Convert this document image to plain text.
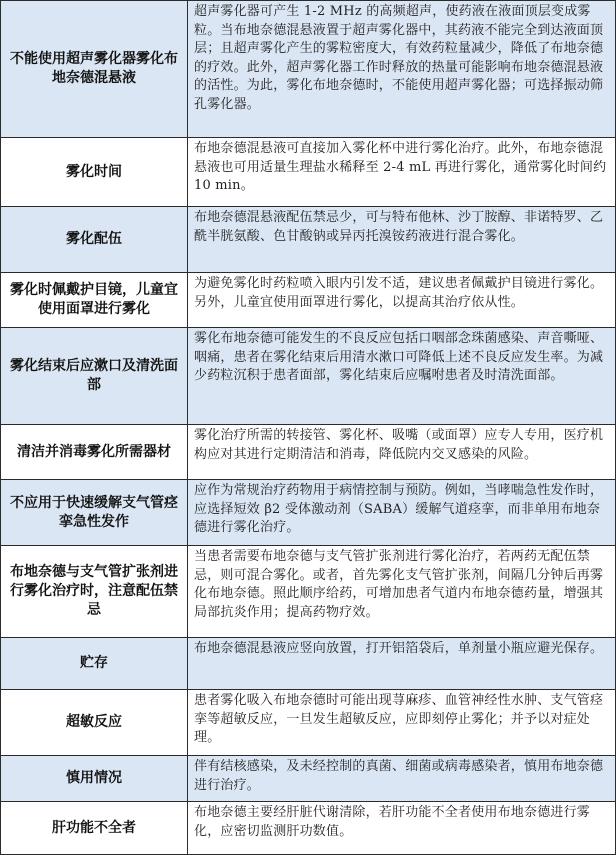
不能使用超声雾化器雾化布地奈德混悬液
超声雾化器可产生 1-2 MHz 的高频超声，使药液在液面顶层变成雾粒。当布地奈德混悬液置于超声雾化器中，其药液不能完全到达液面顶层；且超声雾化产生的雾粒密度大，有效药粒量减少，降低了布地奈德的疗效。此外，超声雾化器工作时释放的热量可能影响布地奈德混悬液的活性。为此，雾化布地奈德时，不能使用超声雾化器；可选择振动筛孔雾化器。
雾化时间
布地奈德混悬液可直接加入雾化杯中进行雾化治疗。此外，布地奈德混悬液也可用适量生理盐水稀释至 2-4 mL 再进行雾化，通常雾化时间约 10 min。
雾化配伍
布地奈德混悬液配伍禁忌少，可与特布他林、沙丁胺醇、非诺特罗、乙酰半胱氨酸、色甘酸钠或异丙托溴铵药液进行混合雾化。
雾化时佩戴护目镜，儿童宜使用面罩进行雾化
为避免雾化时药粒喷入眼内引发不适，建议患者佩戴护目镜进行雾化。另外，儿童宜使用面罩进行雾化，以提高其治疗依从性。
雾化结束后应漱口及清洗面部
雾化布地奈德可能发生的不良反应包括口咽部念珠菌感染、声音嘶哑、咽痛，患者在雾化结束后用清水漱口可降低上述不良反应发生率。为减少药粒沉积于患者面部，雾化结束后应嘱咐患者及时清洗面部。
清洁并消毒雾化所需器材
雾化治疗所需的转接管、雾化杯、吸嘴（或面罩）应专人专用，医疗机构应对其进行定期清洁和消毒，降低院内交叉感染的风险。
不应用于快速缓解支气管痉挛急性发作
应作为常规治疗药物用于病情控制与预防。例如，当哮喘急性发作时，应选择短效 β2 受体激动剂（SABA）缓解气道痉挛，而非单用布地奈德进行雾化治疗。
布地奈德与支气管扩张剂进行雾化治疗时，注意配伍禁忌
当患者需要布地奈德与支气管扩张剂进行雾化治疗，若两药无配伍禁忌，则可混合雾化。或者，首先雾化支气管扩张剂，间隔几分钟后再雾化布地奈德。照此顺序给药，可增加患者气道内布地奈德药量，增强其局部抗炎作用；提高药物疗效。
贮存
布地奈德混悬液应竖向放置，打开铝箔袋后，单剂量小瓶应避光保存。
超敏反应
患者雾化吸入布地奈德时可能出现荨麻疹、血管神经性水肿、支气管痉挛等超敏反应，一旦发生超敏反应，应即刻停止雾化；并予以对症处理。
慎用情况
伴有结核感染，及未经控制的真菌、细菌或病毒感染者，慎用布地奈德进行治疗。
肝功能不全者
布地奈德主要经肝脏代谢清除，若肝功能不全者使用布地奈德进行雾化，应密切监测肝功数值。
